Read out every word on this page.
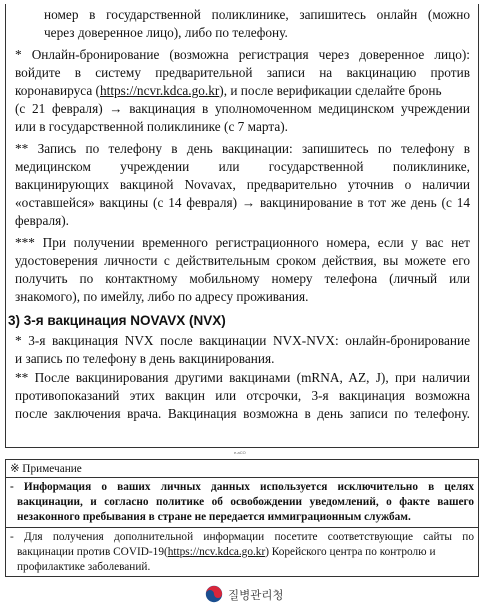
номер в государственной поликлинике, запишитесь онлайн (можно
через доверенное лицо), либо по телефону.
* Онлайн-бронирование (возможна регистрация через доверенное лицо):
войдите в систему предварительной записи на вакцинацию против
коронавируса (https://ncvr.kdca.go.kr), и после верификации сделайте бронь
(с 21 февраля) → вакцинация в уполномоченном медицинском учреждении
или в государственной поликлинике (с 7 марта).
** Запись по телефону в день вакцинации: запишитесь по телефону в
медицинском учреждении или государственной поликлинике,
вакцинирующих вакциной Novavax, предварительно уточнив о наличии
«оставшейся» вакцины (с 14 февраля) → вакцинирование в тот же день (с 14
февраля).
*** При получении временного регистрационного номера, если у вас нет
удостоверения личности с действительным сроком действия, вы можете его
получить по контактному мобильному номеру телефона (личный или
знакомого), по имейлу, либо по адресу проживания.
3) 3-я вакцинация NOVAVX (NVX)
* 3-я вакцинация NVX после вакцинации NVX-NVX: онлайн-бронирование
и запись по телефону в день вакцинирования.
** После вакцинирования другими вакцинами (mRNA, AZ, J), при наличии
противопоказаний этих вакцин или отсрочки, 3-я вакцинация возможна
после заключения врача. Вакцинация возможна в день записи по телефону.
e-aCO
※ Примечание
- Информация о ваших личных данных используется исключительно в целях
вакцинации, и согласно политике об освобождении уведомлений, о факте вашего
незаконного пребывания в стране не передается иммиграционным службам.
- Для получения дополнительной информации посетите соответствующие сайты по
вакцинации против COVID-19(https://ncv.kdca.go.kr) Корейского центра по контролю и
профилактике заболеваний.
질병관리청
